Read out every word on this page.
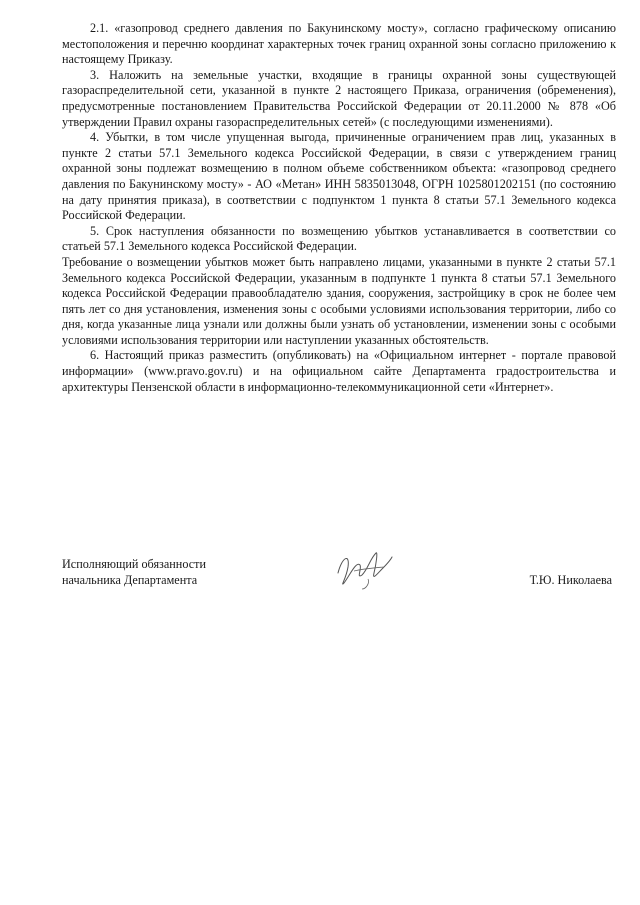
2.1. «газопровод среднего давления по Бакунинскому мосту», согласно графическому описанию местоположения и перечню координат характерных точек границ охранной зоны согласно приложению к настоящему Приказу.

3. Наложить на земельные участки, входящие в границы охранной зоны существующей газораспределительной сети, указанной в пункте 2 настоящего Приказа, ограничения (обременения), предусмотренные постановлением Правительства Российской Федерации от 20.11.2000 № 878 «Об утверждении Правил охраны газораспределительных сетей» (с последующими изменениями).

4. Убытки, в том числе упущенная выгода, причиненные ограничением прав лиц, указанных в пункте 2 статьи 57.1 Земельного кодекса Российской Федерации, в связи с утверждением границ охранной зоны подлежат возмещению в полном объеме собственником объекта: «газопровод среднего давления по Бакунинскому мосту» - АО «Метан» ИНН 5835013048, ОГРН 1025801202151 (по состоянию на дату принятия приказа), в соответствии с подпунктом 1 пункта 8 статьи 57.1 Земельного кодекса Российской Федерации.

5. Срок наступления обязанности по возмещению убытков устанавливается в соответствии со статьей 57.1 Земельного кодекса Российской Федерации.

Требование о возмещении убытков может быть направлено лицами, указанными в пункте 2 статьи 57.1 Земельного кодекса Российской Федерации, указанным в подпункте 1 пункта 8 статьи 57.1 Земельного кодекса Российской Федерации правообладателю здания, сооружения, застройщику в срок не более чем пять лет со дня установления, изменения зоны с особыми условиями использования территории, либо со дня, когда указанные лица узнали или должны были узнать об установлении, изменении зоны с особыми условиями использования территории или наступлении указанных обстоятельств.

6. Настоящий приказ разместить (опубликовать) на «Официальном интернет - портале правовой информации» (www.pravo.gov.ru) и на официальном сайте Департамента градостроительства и архитектуры Пензенской области в информационно-телекоммуникационной сети «Интернет».

Исполняющий обязанности
начальника Департамента	Т.Ю. Николаева
